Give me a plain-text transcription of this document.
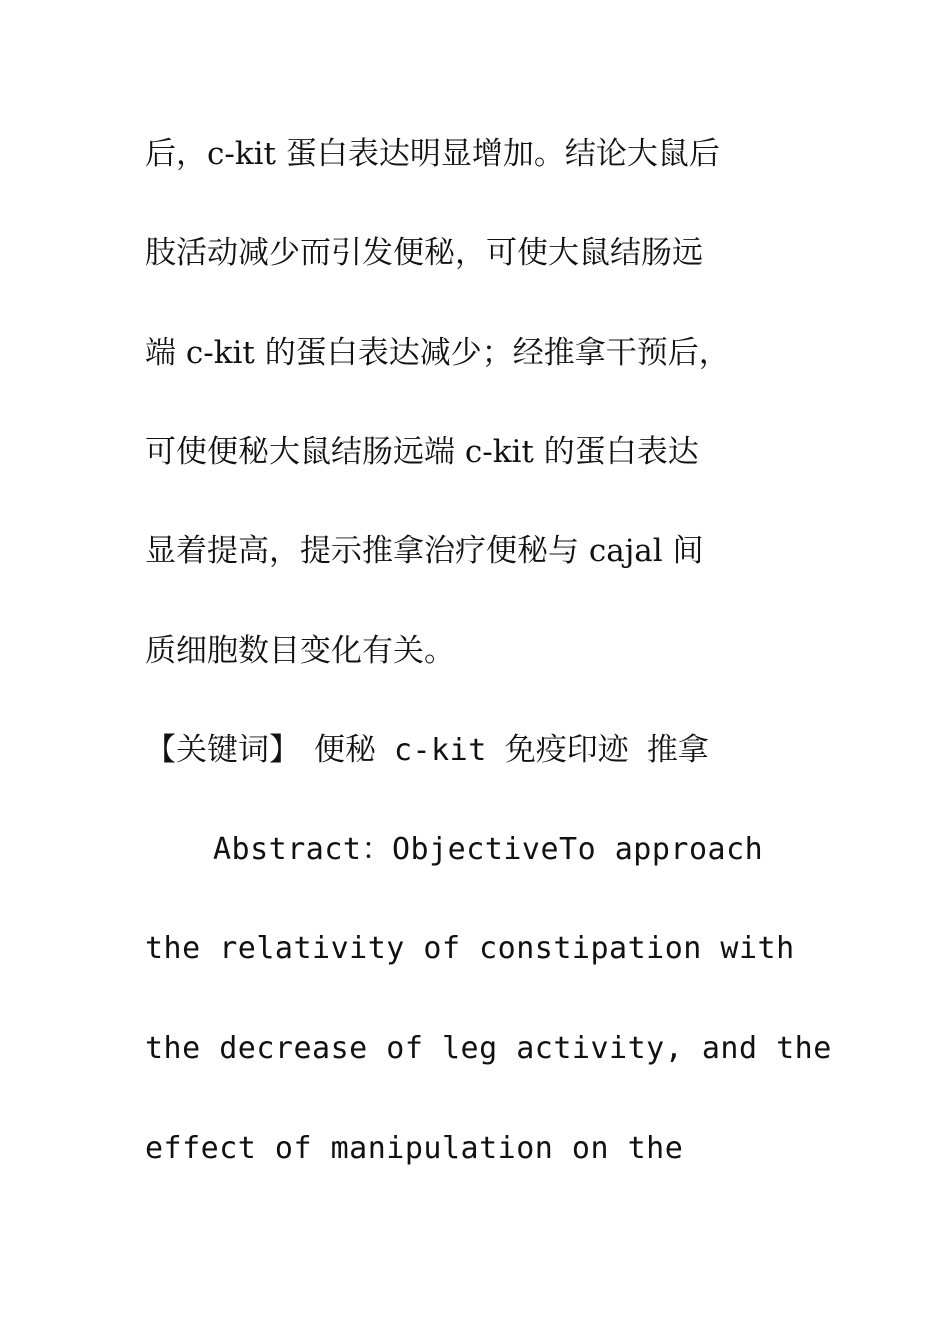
后，c-kit 蛋白表达明显增加。结论大鼠后
肢活动减少而引发便秘，可使大鼠结肠远
端 c-kit 的蛋白表达减少；经推拿干预后，
可使便秘大鼠结肠远端 c-kit 的蛋白表达
显着提高，提示推拿治疗便秘与 cajal 间
质细胞数目变化有关。
【关键词】 便秘 c-kit 免疫印迹 推拿
Abstract：ObjectiveTo approach
the relativity of constipation with
the decrease of leg activity, and the
effect of manipulation on the
